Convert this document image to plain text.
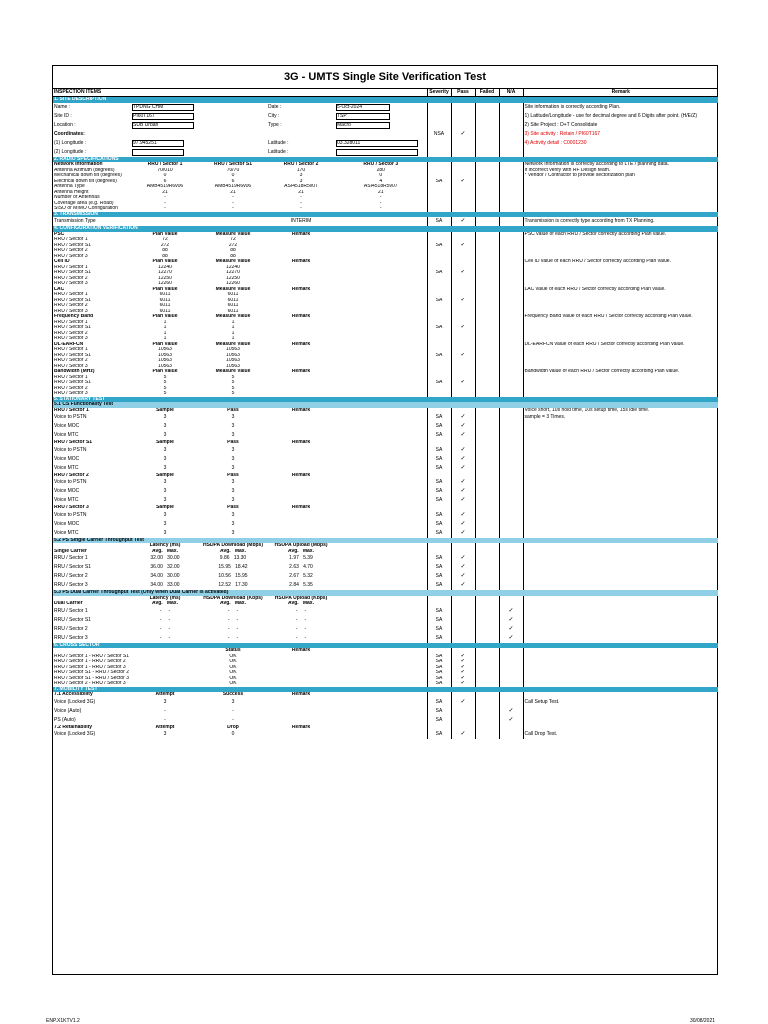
3G - UMTS Single Site Verification Test
INSPECTION ITEMS					Severity	Pass	Failed	N/A	Remark
1. SITE DESCRIPTION									
Name :	TPDNG CHM		Date :	5-Oct-2024					Site information is correctly according Plan.
Site ID :	PI60T167		City :	TSP					1) Latitude/Longitude - use for decimal degree and 6 Digits after point. (H/E/Z)
Location :	SUB Urban		Type :	Macro					2) Site Project : D+T Consolidate
Coordinates:					NSA	✓			3) Site activity : Retain / PI60T167
(1) Longitude :	97.945251		Latitude :	03.328011					4) Activity detail : C0001230
(2) Longitude :			Latitude :						
2. RADIO SPECIFICATIONS									
Network Information	RRU / Sector 1	RRU / Sector S1	RRU / Sector 2	RRU / Sector 3					Network Information is correctly according to LTE / planning data.
Antenna Azimuth (degrees)	70/010	70/70	170	280					If incorrect verify with RF Design team.
Mechanical down tilt (degrees)	0	0	3	0					* Vendor / Contractor to provide sectorization plan
Electrical down tilt (degrees)	6	6	3	4	SA	✓			
Antenna Type	AMB4519R6v06	AMB4519R6v06	ASI4518R5v07	ASI4518R5v07					
Antenna Height	21	21	21	21					
Number of Antennas	-	-	-	-					
Coverage area (e.g. Road)	-	-	-	-					
SISO or MIMO Configuration	-	-	-	-					
3. TRANSMISSION									
Transmission Type			INTERIM		SA	✓			Transmission is correctly type according from TX Planning.
4. CONFIGURATION VERIFICATION									
PSC	Plan Value	Measure Value	Remark						PSC value of each RRU / Sector correctly according Plan value.
RRU / Sector 1	72	72							
RRU / Sector S1	272	272			SA	✓			
RRU / Sector 2	88	88							
RRU / Sector 3	88	88							
Cell ID	Plan Value	Measure Value	Remark						Cell ID value of each RRU / Sector correctly according Plan value.
RRU / Sector 1	12240	12240							
RRU / Sector S1	12270	12270			SA	✓			
RRU / Sector 2	12250	12250							
RRU / Sector 3	12260	12260							
LAC	Plan Value	Measure Value	Remark						LAC value of each RRU / Sector correctly according Plan value.
RRU / Sector 1	6011	6011							
RRU / Sector S1	6011	6011			SA	✓			
RRU / Sector 2	6011	6011							
RRU / Sector 3	6011	6011							
Frequency Band	Plan Value	Measure Value	Remark						Frequency Band value of each RRU / Sector correctly according Plan value.
RRU / Sector 1	1	1							
RRU / Sector S1	1	1			SA	✓			
RRU / Sector 2	1	1							
RRU / Sector 3	1	1							
DL-EARFCN	Plan Value	Measure Value	Remark						DL-EARFCN value of each RRU / Sector correctly according Plan value.
RRU / Sector 1	10563	10563							
RRU / Sector S1	10563	10563			SA	✓			
RRU / Sector 2	10563	10563							
RRU / Sector 3	10563	10563							
Bandwidth (MHz)	Plan Value	Measure Value	Remark						Bandwidth value of each RRU / Sector correctly according Plan value.
RRU / Sector 1	5	5							
RRU / Sector S1	5	5			SA	✓			
RRU / Sector 2	5	5							
RRU / Sector 3	5	5							
5. STATIONARY TEST									
5.1 CS Functionality Test									
RRU / Sector 1	Sample	Pass	Remark						Voice short, 10s hold time, 10s setup time, 15s idle time.
Voice to PSTN	3	3			SA	✓			sample = 3 Times.
Voice MOC	3	3			SA	✓			
Voice MTC	3	3			SA	✓			
RRU / Sector S1	Sample	Pass	Remark						
Voice to PSTN	3	3			SA	✓			
Voice MOC	3	3			SA	✓			
Voice MTC	3	3			SA	✓			
RRU / Sector 2	Sample	Pass	Remark						
Voice to PSTN	3	3			SA	✓			
Voice MOC	3	3			SA	✓			
Voice MTC	3	3			SA	✓			
RRU / Sector 3	Sample	Pass	Remark						
Voice to PSTN	3	3			SA	✓			
Voice MOC	3	3			SA	✓			
Voice MTC	3	3			SA	✓			
5.2 PS Single Carrier Throughput Test									
	Latency (ms)	HSDPA Download (Mbps)	HSUPA Upload (Mbps)						
Single Carrier	Avg. Max.	Avg. Max.	Avg. Max.						
RRU / Sector 1	32.00 30.00	9.86 13.30	1.97 5.39		SA	✓			
RRU / Sector S1	36.00 32.00	15.95 18.42	2.63 4.70		SA	✓			
RRU / Sector 2	34.00 30.00	10.56 15.95	2.67 5.32		SA	✓			
RRU / Sector 3	34.00 33.00	12.52 17.30	2.84 5.35		SA	✓			
5.3 PS Dual Carrier Throughput Test (Only when Dual Carrier is activated)									
	Latency (ms)	HSDPA Download (Kbps)	HSUPA Upload (Kbps)						
Dual Carrier	Avg. Max.	Avg. Max.	Avg. Max.						
RRU / Sector 1	- -	- -	- -		SA			✓	
RRU / Sector S1	- -	- -	- -		SA			✓	
RRU / Sector 2	- -	- -	- -		SA			✓	
RRU / Sector 3	- -	- -	- -		SA			✓	
6. CROSS SECTOR									
		Status	Remark						
RRU / Sector 1 - RRU / Sector S1		OK			SA	✓			
RRU / Sector 1 - RRU / Sector 2		OK			SA	✓			
RRU / Sector 1 - RRU / Sector 3		OK			SA	✓			
RRU / Sector S1 - RRU / Sector 2		OK			SA	✓			
RRU / Sector S1 - RRU / Sector 3		OK			SA	✓			
RRU / Sector 2 - RRU / Sector 3		OK			SA	✓			
7. MOBILITY TEST									
7.1 Accessibility	Attempt	Success	Remark						
Voice (Locked 3G)	3	3			SA	✓			Call Setup Test.
Voice (Auto)	-	-			SA			✓	
PS (Auto)	-	-			SA			✓	
7.2 Retainability	Attempt	Drop	Remark						
Voice (Locked 3G)	3	0			SA	✓			Call Drop Test.
ENP.X1KTV1.2	30/08/2021
